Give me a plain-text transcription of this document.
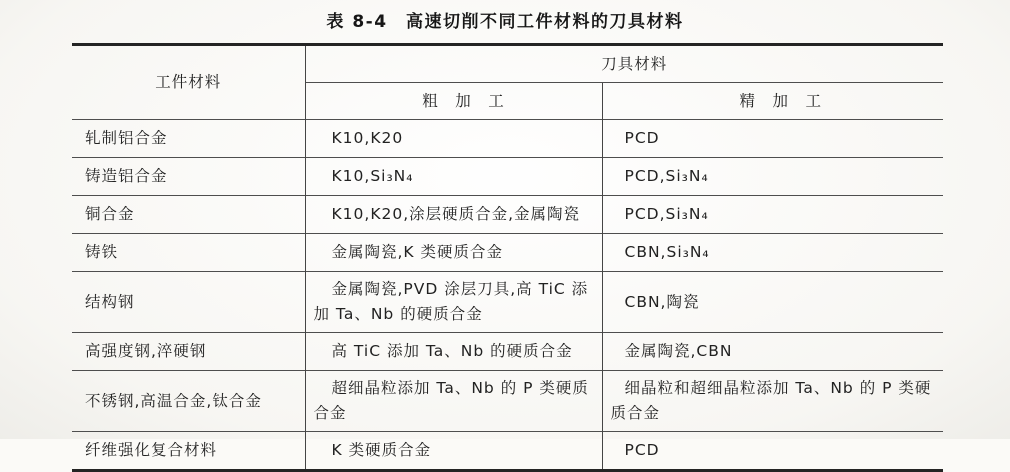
表 8-4　高速切削不同工件材料的刀具材料
工件材料	刀具材料	
	粗　加　工	精　加　工
轧制铝合金	K10,K20	PCD
铸造铝合金	K10,Si₃N₄	PCD,Si₃N₄
铜合金	K10,K20,涂层硬质合金,金属陶瓷	PCD,Si₃N₄
铸铁	金属陶瓷,K 类硬质合金	CBN,Si₃N₄
结构钢	金属陶瓷,PVD 涂层刀具,高 TiC 添加 Ta、Nb 的硬质合金	CBN,陶瓷
高强度钢,淬硬钢	高 TiC 添加 Ta、Nb 的硬质合金	金属陶瓷,CBN
不锈钢,高温合金,钛合金	超细晶粒添加 Ta、Nb 的 P 类硬质合金	细晶粒和超细晶粒添加 Ta、Nb 的 P 类硬质合金
纤维强化复合材料	K 类硬质合金	PCD
